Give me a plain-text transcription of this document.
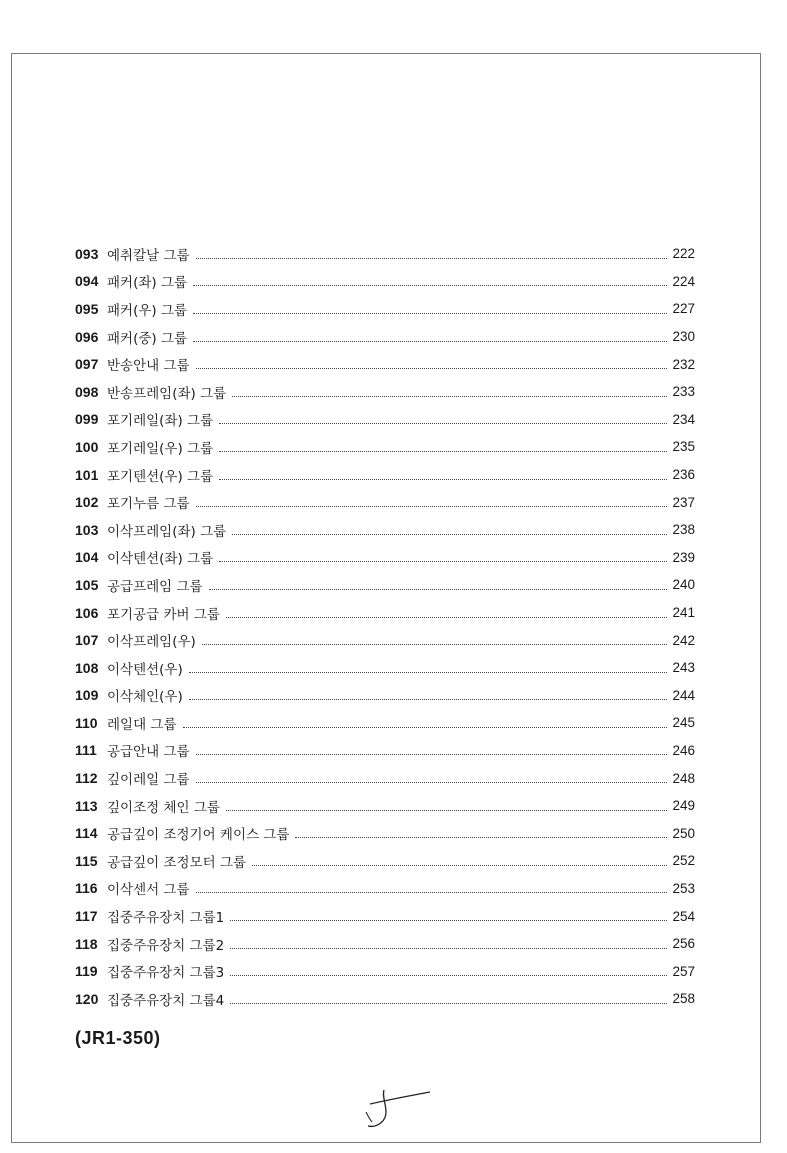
093 예취칼날 그룹	222
094 패커(좌) 그룹	224
095 패커(우) 그룹	227
096 패커(중) 그룹	230
097 반송안내 그룹	232
098 반송프레임(좌) 그룹	233
099 포기레일(좌) 그룹	234
100 포기레일(우) 그룹	235
101 포기텐션(우) 그룹	236
102 포기누름 그룹	237
103 이삭프레임(좌) 그룹	238
104 이삭텐션(좌) 그룹	239
105 공급프레임 그룹	240
106 포기공급 카버 그룹	241
107 이삭프레임(우)	242
108 이삭텐션(우)	243
109 이삭체인(우)	244
110 레일대 그룹	245
111 공급안내 그룹	246
112 깊이레일 그룹	248
113 깊이조정 체인 그룹	249
114 공급깊이 조정기어 케이스 그룹	250
115 공급깊이 조정모터 그룹	252
116 이삭센서 그룹	253
117 집중주유장치 그룹1	254
118 집중주유장치 그룹2	256
119 집중주유장치 그룹3	257
120 집중주유장치 그룹4	258
(JR1-350)
